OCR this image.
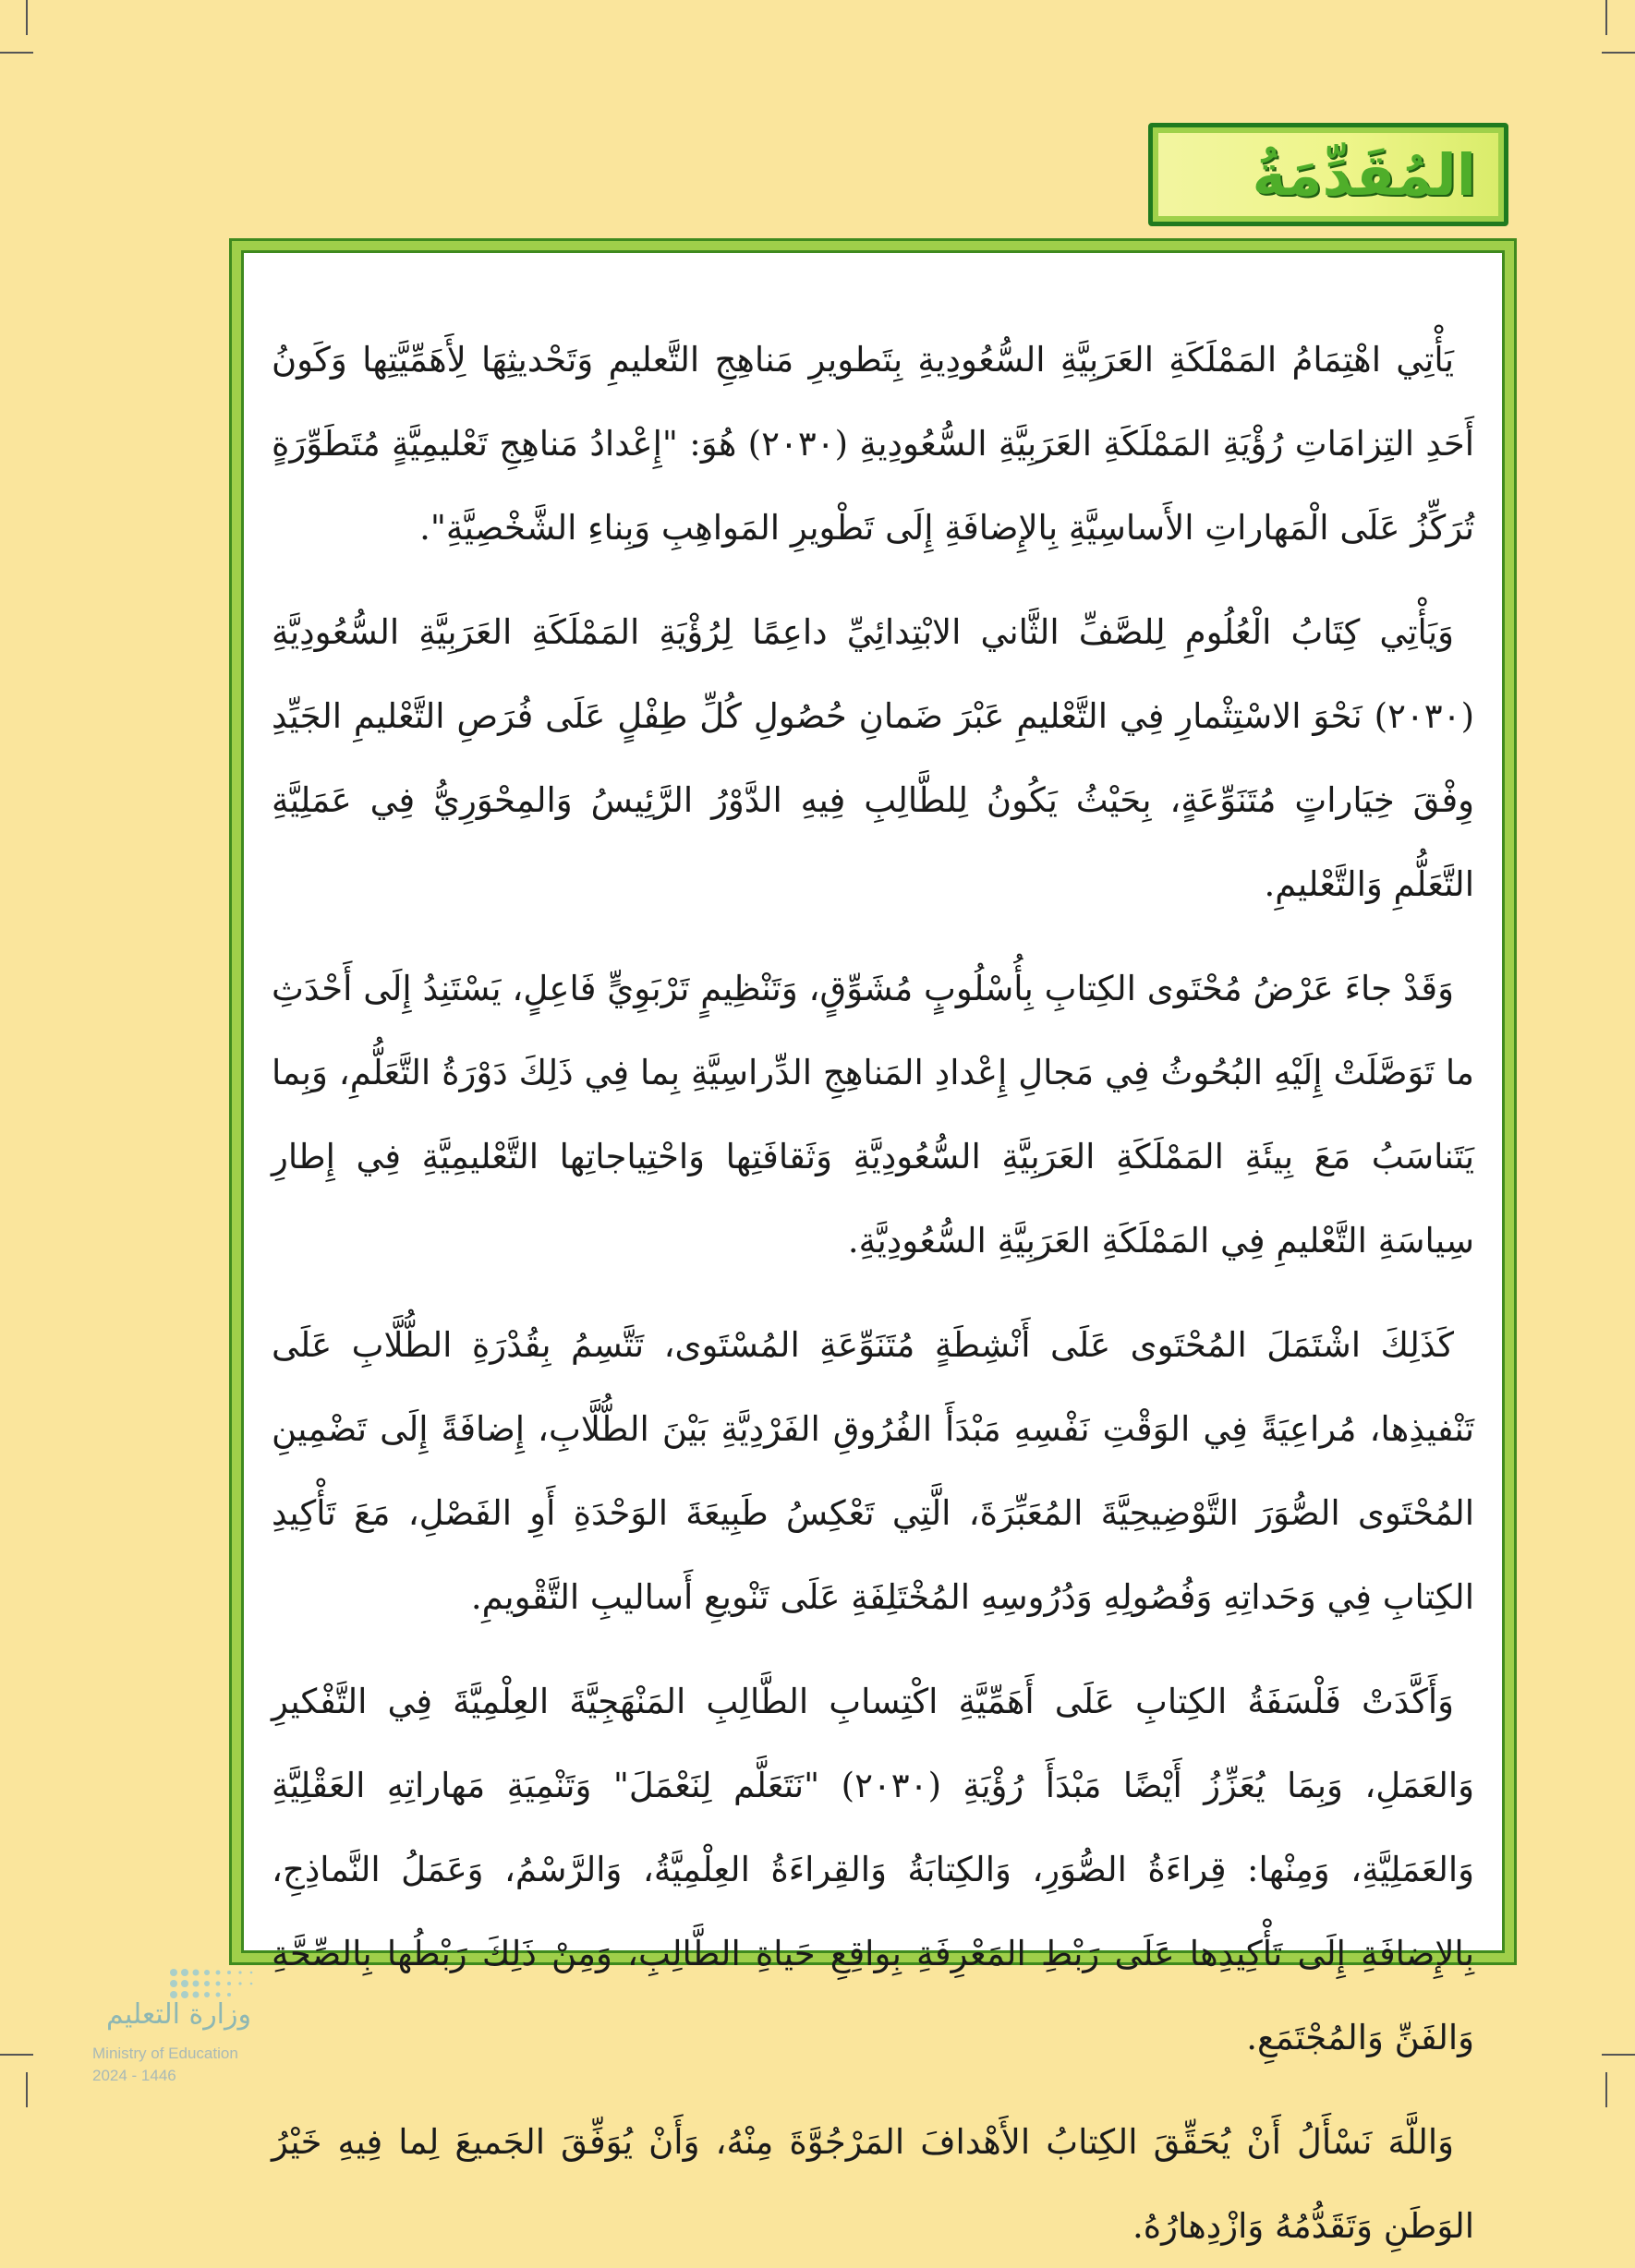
المُقَدِّمَةُ

يَأْتِي اهْتِمَامُ المَمْلَكَةِ العَرَبِيَّةِ السُّعُودِيةِ بِتَطويرِ مَناهِجِ التَّعليمِ وَتَحْديثِهَا لِأَهَمِّيَّتِها وَكَونُ أَحَدِ التِزامَاتِ رُؤْيَةِ المَمْلَكَةِ العَرَبِيَّةِ السُّعُودِيةِ (٢٠٣٠) هُوَ: "إِعْدادُ مَناهِجِ تَعْليمِيَّةٍ مُتَطَوِّرَةٍ تُرَكِّزُ عَلَى الْمَهاراتِ الأَساسِيَّةِ بِالإِضافَةِ إِلَى تَطْويرِ المَواهِبِ وَبِناءِ الشَّخْصِيَّةِ".

وَيَأْتِي كِتَابُ الْعُلُومِ لِلصَّفِّ الثَّاني الابْتِدائِيِّ داعِمًا لِرُؤْيَةِ المَمْلَكَةِ العَرَبِيَّةِ السُّعُودِيَّةِ (٢٠٣٠) نَحْوَ الاسْتِثْمارِ فِي التَّعْليمِ عَبْرَ ضَمانِ حُصُولِ كُلِّ طِفْلٍ عَلَى فُرَصِ التَّعْليمِ الجَيِّدِ وِفْقَ خِيَاراتٍ مُتَنَوِّعَةٍ، بِحَيْثُ يَكُونُ لِلطَّالِبِ فِيهِ الدَّوْرُ الرَّئِيسُ وَالمِحْوَرِيُّ فِي عَمَلِيَّةِ التَّعَلُّمِ وَالتَّعْليمِ.

وَقَدْ جاءَ عَرْضُ مُحْتَوى الكِتابِ بِأُسْلُوبٍ مُشَوِّقٍ، وَتَنْظِيمٍ تَرْبَوِيٍّ فَاعِلٍ، يَسْتَنِدُ إِلَى أَحْدَثِ ما تَوَصَّلَتْ إِلَيْهِ البُحُوثُ فِي مَجالِ إِعْدادِ المَناهِجِ الدِّراسِيَّةِ بِما فِي ذَلِكَ دَوْرَةُ التَّعَلُّمِ، وَبِما يَتَناسَبُ مَعَ بِيئَةِ المَمْلَكَةِ العَرَبِيَّةِ السُّعُودِيَّةِ وَثَقافَتِها وَاحْتِياجاتِها التَّعْليمِيَّةِ فِي إِطارِ سِياسَةِ التَّعْليمِ فِي المَمْلَكَةِ العَرَبِيَّةِ السُّعُودِيَّةِ.

كَذَلِكَ اشْتَمَلَ المُحْتَوى عَلَى أَنْشِطَةٍ مُتَنَوِّعَةِ المُسْتَوى، تَتَّسِمُ بِقُدْرَةِ الطُّلَّابِ عَلَى تَنْفيذِها، مُراعِيَةً فِي الوَقْتِ نَفْسِهِ مَبْدَأَ الفُرُوقِ الفَرْدِيَّةِ بَيْنَ الطُّلَّابِ، إِضافَةً إِلَى تَضْمِينِ المُحْتَوى الصُّوَرَ التَّوْضِيحِيَّةَ المُعَبِّرَةَ، الَّتِي تَعْكِسُ طَبِيعَةَ الوَحْدَةِ أَوِ الفَصْلِ، مَعَ تَأْكِيدِ الكِتابِ فِي وَحَداتِهِ وَفُصُولِهِ وَدُرُوسِهِ المُخْتَلِفَةِ عَلَى تَنْويعِ أَساليبِ التَّقْويمِ.

وَأَكَّدَتْ فَلْسَفَةُ الكِتابِ عَلَى أَهَمِّيَّةِ اكْتِسابِ الطَّالِبِ المَنْهَجِيَّةَ العِلْمِيَّةَ فِي التَّفْكيرِ وَالعَمَلِ، وَبِمَا يُعَزِّزُ أَيْضًا مَبْدَأَ رُؤْيَةِ (٢٠٣٠) "نَتَعَلَّم لِنَعْمَلَ" وَتَنْمِيَةِ مَهاراتِهِ العَقْلِيَّةِ وَالعَمَلِيَّةِ، وَمِنْها: قِراءَةُ الصُّوَرِ، وَالكِتابَةُ وَالقِراءَةُ العِلْمِيَّةُ، وَالرَّسْمُ، وَعَمَلُ النَّماذِجِ، بِالإِضافَةِ إِلَى تَأْكِيدِها عَلَى رَبْطِ المَعْرِفَةِ بِواقِعِ حَياةِ الطَّالِبِ، وَمِنْ ذَلِكَ رَبْطُها بِالصِّحَّةِ وَالفَنِّ وَالمُجْتَمَعِ.

وَاللَّهَ نَسْأَلُ أَنْ يُحَقِّقَ الكِتابُ الأَهْدافَ المَرْجُوَّةَ مِنْهُ، وَأَنْ يُوَفِّقَ الجَميعَ لِما فِيهِ خَيْرُ الوَطَنِ وَتَقَدُّمُهُ وَازْدِهارُهُ.

وزارة التعليم
Ministry of Education
2024 - 1446
